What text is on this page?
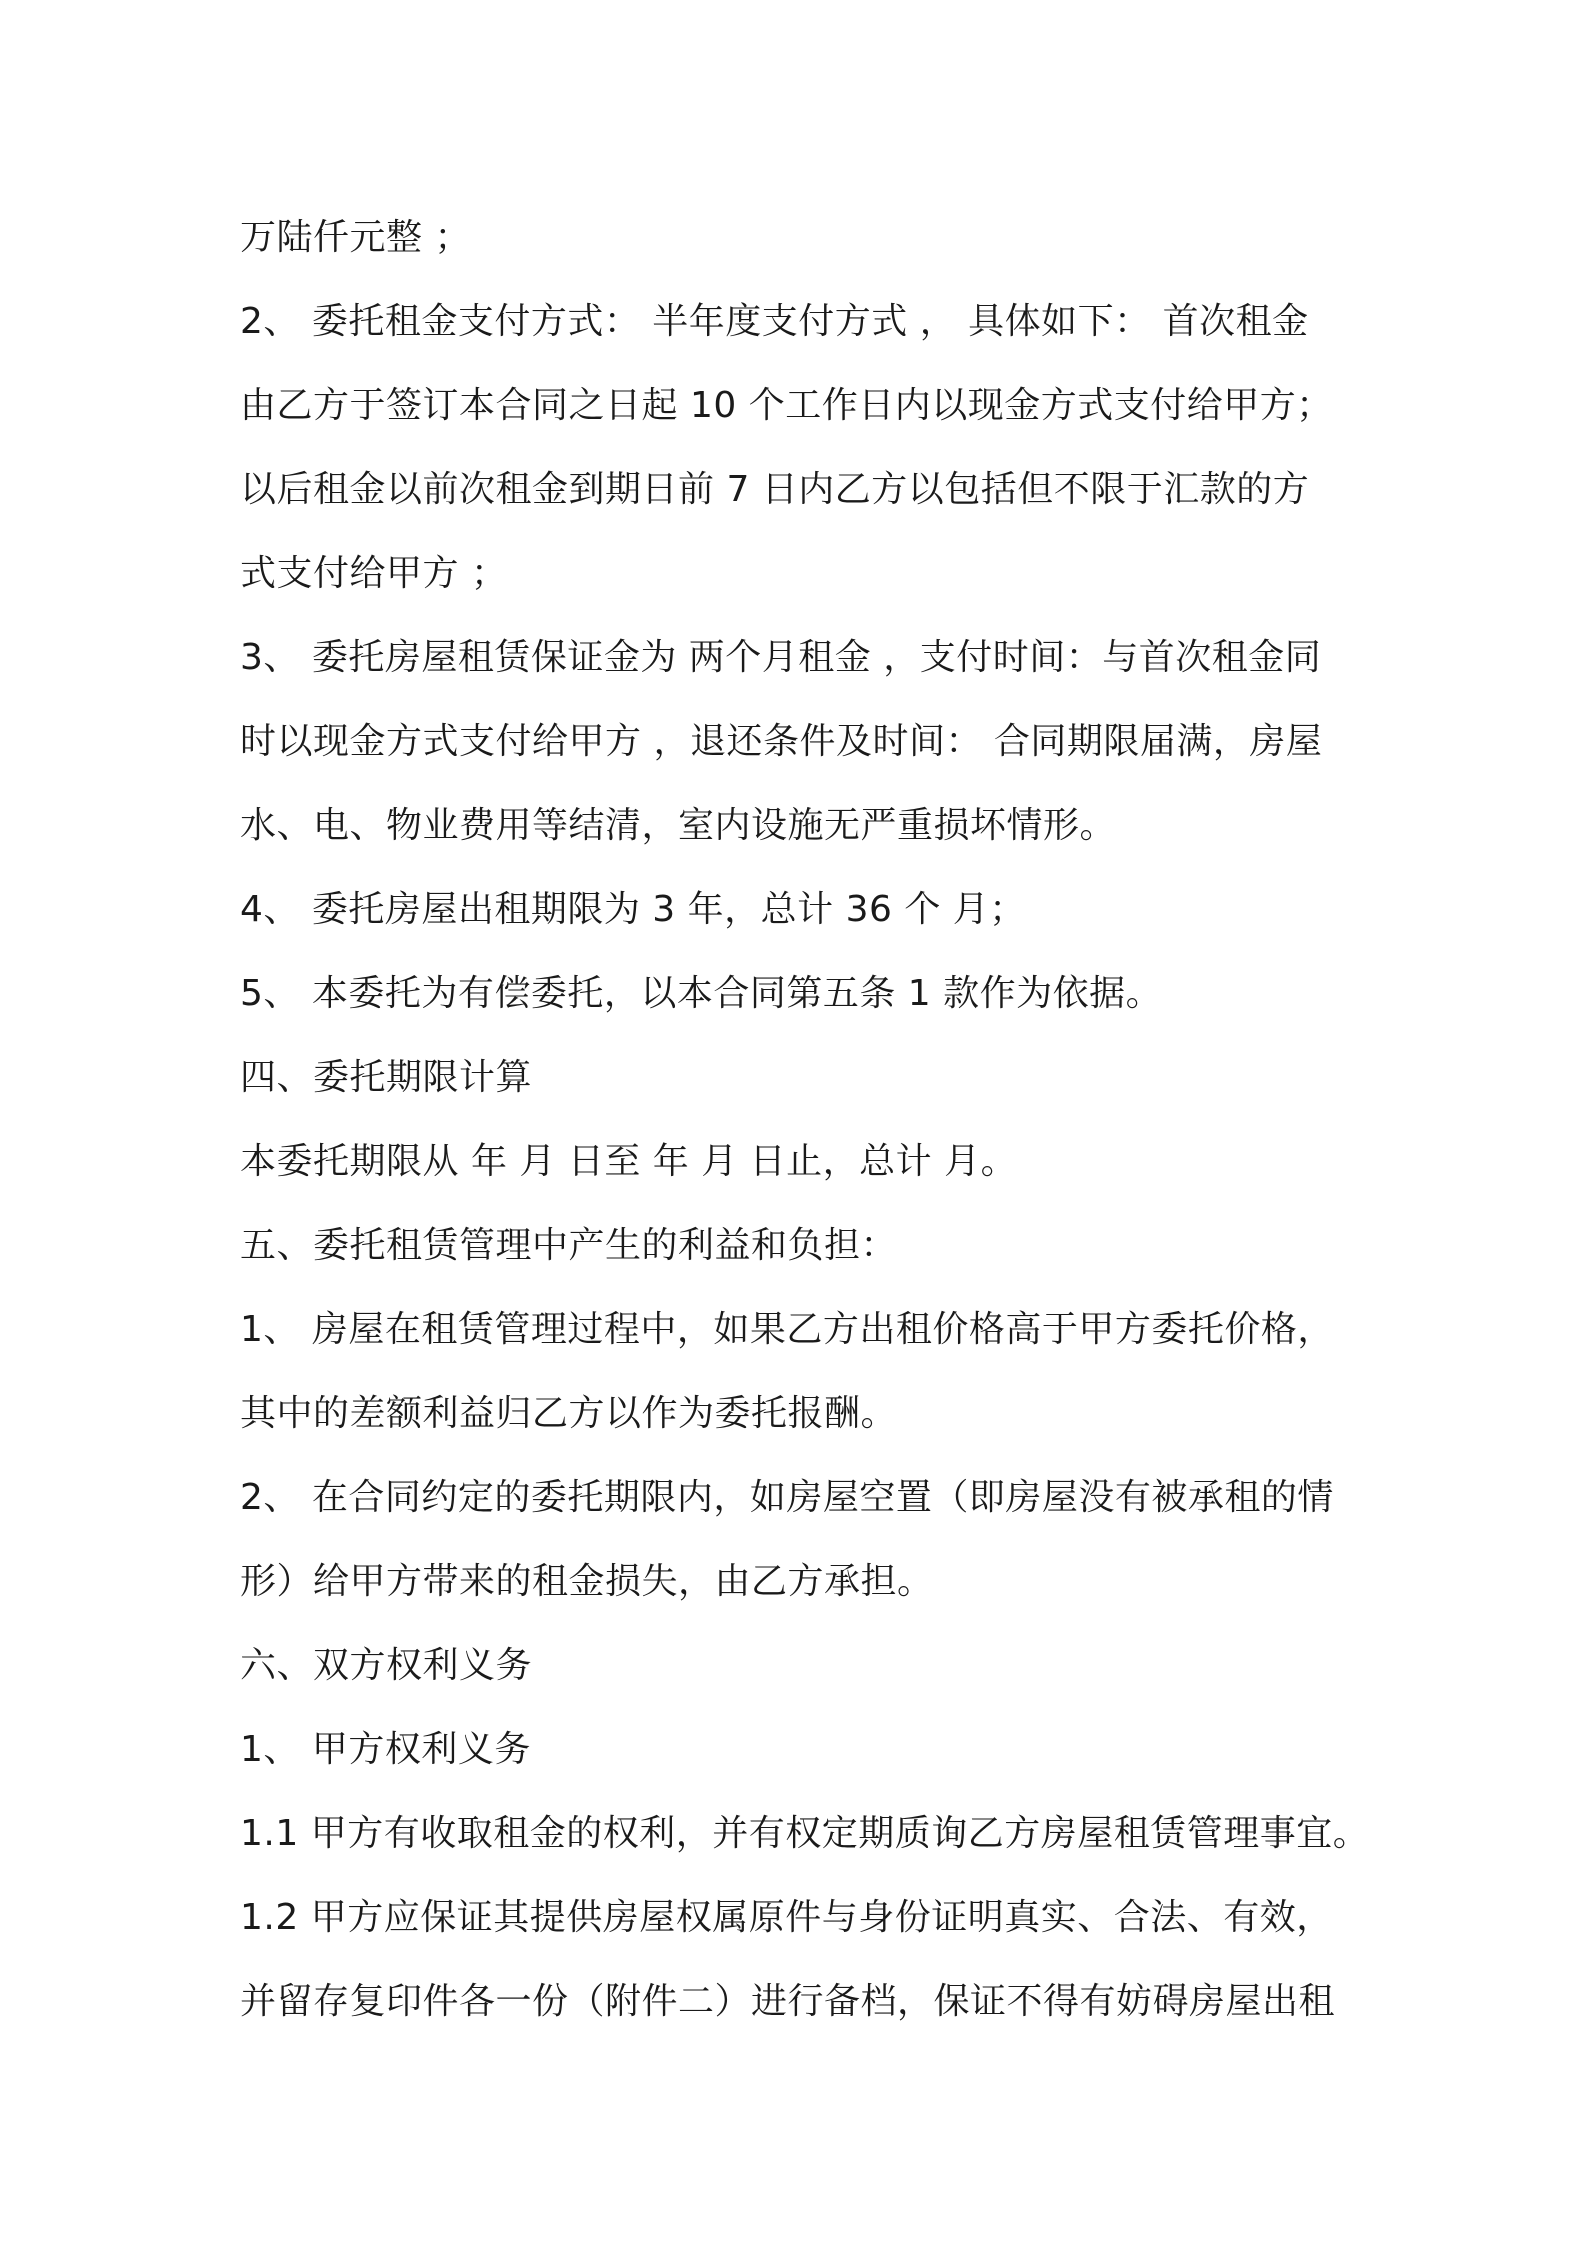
万陆仟元整 ；
2、 委托租金支付方式： 半年度支付方式 ， 具体如下： 首次租金
由乙方于签订本合同之日起 10 个工作日内以现金方式支付给甲方；
以后租金以前次租金到期日前 7 日内乙方以包括但不限于汇款的方
式支付给甲方 ；
3、 委托房屋租赁保证金为 两个月租金 ，支付时间：与首次租金同
时以现金方式支付给甲方 ，退还条件及时间： 合同期限届满，房屋
水、电、物业费用等结清，室内设施无严重损坏情形。
4、 委托房屋出租期限为 3 年，总计 36 个 月；
5、 本委托为有偿委托，以本合同第五条 1 款作为依据。
四、委托期限计算
本委托期限从 年 月 日至 年 月 日止，总计 月。
五、委托租赁管理中产生的利益和负担：
1、 房屋在租赁管理过程中，如果乙方出租价格高于甲方委托价格，
其中的差额利益归乙方以作为委托报酬。
2、 在合同约定的委托期限内，如房屋空置（即房屋没有被承租的情
形）给甲方带来的租金损失，由乙方承担。
六、双方权利义务
1、 甲方权利义务
1.1 甲方有收取租金的权利，并有权定期质询乙方房屋租赁管理事宜。
1.2 甲方应保证其提供房屋权属原件与身份证明真实、合法、有效，
并留存复印件各一份（附件二）进行备档，保证不得有妨碍房屋出租
